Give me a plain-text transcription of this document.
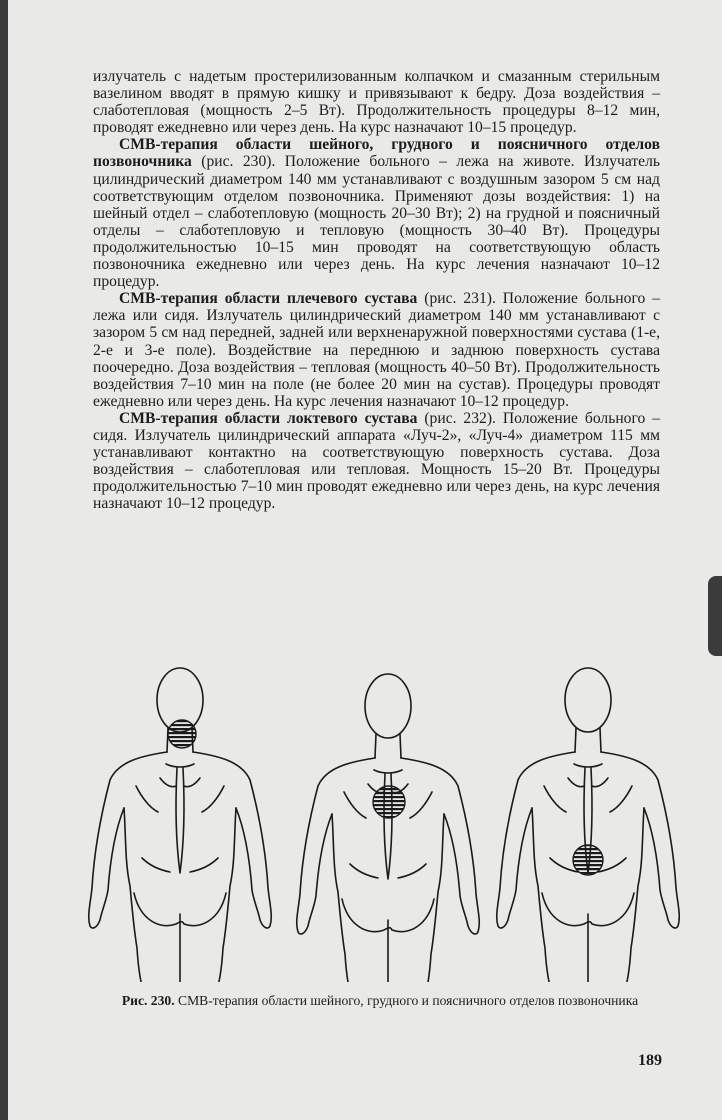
излучатель с надетым простерилизованным колпачком и смазанным стерильным вазелином вводят в прямую кишку и привязывают к бедру. Доза воздействия – слаботепловая (мощность 2–5 Вт). Продолжительность процедуры 8–12 мин, проводят ежедневно или через день. На курс назначают 10–15 процедур.

СМВ-терапия области шейного, грудного и поясничного отделов позвоночника (рис. 230). Положение больного – лежа на животе. Излучатель цилиндрический диаметром 140 мм устанавливают с воздушным зазором 5 см над соответствующим отделом позвоночника. Применяют дозы воздействия: 1) на шейный отдел – слаботепловую (мощность 20–30 Вт); 2) на грудной и поясничный отделы – слаботепловую и тепловую (мощность 30–40 Вт). Процедуры продолжительностью 10–15 мин проводят на соответствующую область позвоночника ежедневно или через день. На курс лечения назначают 10–12 процедур.

СМВ-терапия области плечевого сустава (рис. 231). Положение больного – лежа или сидя. Излучатель цилиндрический диаметром 140 мм устанавливают с зазором 5 см над передней, задней или верхненаружной поверхностями сустава (1-е, 2-е и 3-е поле). Воздействие на переднюю и заднюю поверхность сустава поочередно. Доза воздействия – тепловая (мощность 40–50 Вт). Продолжительность воздействия 7–10 мин на поле (не более 20 мин на сустав). Процедуры проводят ежедневно или через день. На курс лечения назначают 10–12 процедур.

СМВ-терапия области локтевого сустава (рис. 232). Положение больного – сидя. Излучатель цилиндрический аппарата «Луч-2», «Луч-4» диаметром 115 мм устанавливают контактно на соответствующую поверхность сустава. Доза воздействия – слаботепловая или тепловая. Мощность 15–20 Вт. Процедуры продолжительностью 7–10 мин проводят ежедневно или через день, на курс лечения назначают 10–12 процедур.

Рис. 230. СМВ-терапия области шейного, грудного и поясничного отделов позвоночника
189
